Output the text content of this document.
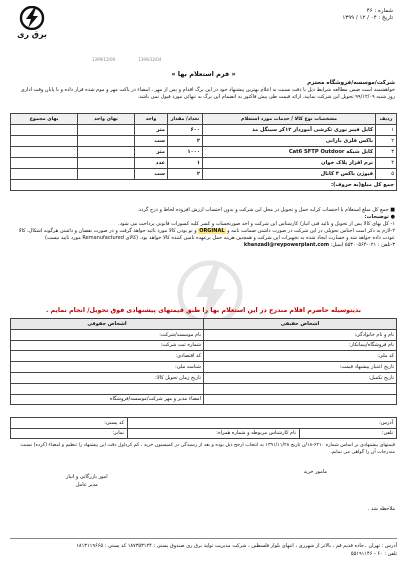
برق ری
شماره : ۴۶
تاریخ : ۰۴ / ۱۲ / ۱۳۹۹
1399/12/09	1399/12/04
« فرم استعلام بها »
شرکت/موسسه/فروشگاه محترم
خواهشمند است ضمن مطالعه شرایط ذیل با دقت نسبت به اعلام بهترین پیشنهاد خود در این برگ اقدام و پس از مهر ، امضاء در پاکت مهر و موم شده قرار داده و با پایان وقت اداری روز شنبه ۹۹/۱۲/۰۹ تحویل این شرکت نمایید. ارائه قیمت طی پیش فاکتور به انضمام این برگ به تنهائی مورد قبول نمی باشد.
ردیف	مشخصات نوع کالا / خدمات مورد استعلام	تعداد/ مقدار	واحد	بهای واحد	بهای مجموع
۱	کابل فیبر نوری تکرشی آموردار ۱۲کر سینگل مد	۶۰۰	متر		
۲	باکس فلزی بارانی	۲	ست		
۳	کابل شبکه Cat6 SFTP Outdoor	۱۰۰۰	متر		
۴	ترم افزار پلاک خوان	۱	عدد		
۵	فیوژن باکس ۴ کانال	۲	ست		
جمع کل مبلغ(به حروف):					
■ جمع کل مبلغ استعلام با احتساب کرایه حمل و تحویل در محل این شرکت و بدون احتساب ارزش افزوده لحاظ و درج گردد.
● توضیحات:
۱- کل بهای کالا پس از تحویل و تائید فنی انبار/ کارشناس این شرکت و اخذ صورتحساب و کسر کلیه کسورات قانونی پرداخت می شود.
۲-لازم به ذکر است اجناس تحویلی در این شرکت در صورت داشتن ضمانت نامه و ORGINAL و نو بودن کالا مورد تائید خواهد گرفت و در صورت نقصان و داشتن هرگونه اشکال، کالا عودت داده خواهد شد و خسارت ایجاد شده به تجهیزات این شرکت و همچنین هزینه حمل برعهده تامین کننده کالا خواهد بود. (کالای Remanufactured مورد تایید نیست)
۳-تلفن : ۰۲۱-۵۵۳۰۰۵۶۴ ایمیل: khanzadi@reypowerplant.com
بدینوسیله حاضرم اقلام مندرج در این استعلام بها را طبق قیمتهای پیشنهادی فوق تحویل/ انجام نمایم .
اشخاص حقیقی	اشخاص حقوقی
نام و نام خانوادگی:	نام موسسه/شرکت:
نام فروشگاه/پیمانکار:	شماره ثبت شرکت:
کد ملی:	کد اقتصادی:
تاریخ اعتبار پیشنهاد قیمت:	شناسه ملی:
تاریخ تکمیل:	تاریخ زمان تحویل کالا:

	امضاء مدیر و مهر شرکت/موسسه/فروشگاه
آدرس:		کد پستی:
تلفن:	نام کارشناس مربوطه و شماره همراه:	نمابر:
قیمتهای پیشنهادی بر اساس شماره ۶۲۱۰-۱۸/ن تاریخ ۱۳۹۱/۱۱/۲۸ به انتخاب ارجح ذیل بوده و بعد از رسیدگی در کمیسیون خرید ، کم کرداول دقت این پیشنهاد را تنظیم و امضاء (کرده) نسبت مندرجات آن را گواهی می نمایم.
امور بازرگانی و انبار
مدیر عامل
مامور خرید
ملاحظه شد .
آدرس : تهران ۔جاده قدیم قم ، بالاتر از شهرری ، انتهای بلوار فلسطین ، شرکت مدیریت تولید برق ری صندوق پستی : ۱۸۷۳۵۳۱۲۴ کد پستی : ۱۸۱۳۱۱۹۶۶۵
تلفن : ۶۰ - ۵۵۱۹۱۱۴۶
